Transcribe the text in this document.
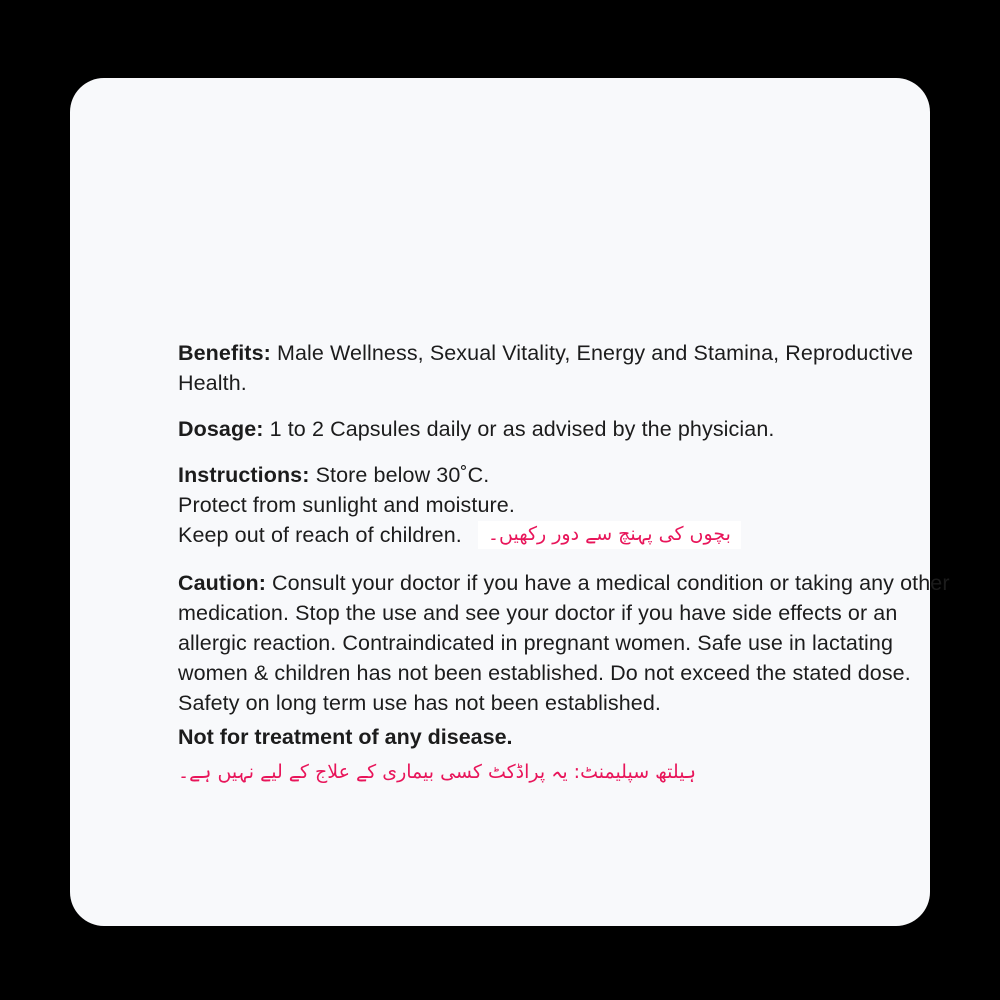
Benefits: Male Wellness, Sexual Vitality, Energy and Stamina, Reproductive Health.

Dosage: 1 to 2 Capsules daily or as advised by the physician.

Instructions: Store below 30˚C.
Protect from sunlight and moisture.
Keep out of reach of children. بچوں کی پہنچ سے دور رکھیں۔

Caution: Consult your doctor if you have a medical condition or taking any other medication. Stop the use and see your doctor if you have side effects or an allergic reaction. Contraindicated in pregnant women. Safe use in lactating women & children has not been established. Do not exceed the stated dose. Safety on long term use has not been established.

Not for treatment of any disease.

ہیلتھ سپلیمنٹ: یہ پراڈکٹ کسی بیماری کے علاج کے لیے نہیں ہے۔
